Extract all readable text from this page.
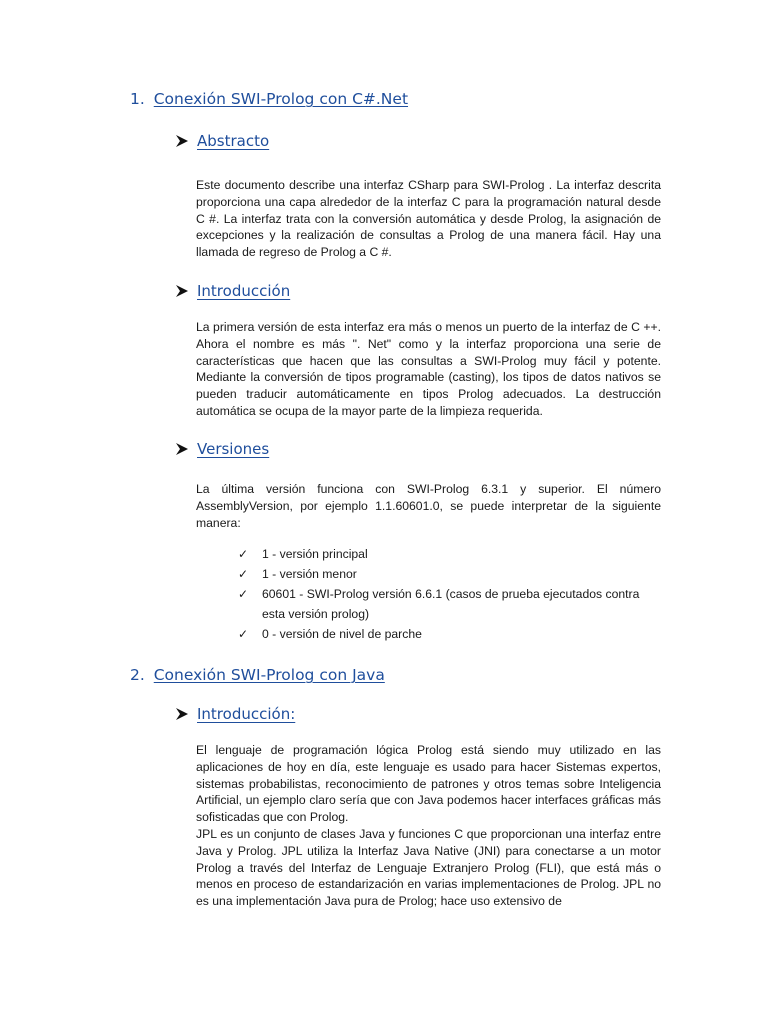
1. Conexión SWI-Prolog con C#.Net
Abstracto

Este documento describe una interfaz CSharp para SWI-Prolog . La interfaz descrita proporciona una capa alrededor de la interfaz C para la programación natural desde C #. La interfaz trata con la conversión automática y desde Prolog, la asignación de excepciones y la realización de consultas a Prolog de una manera fácil. Hay una llamada de regreso de Prolog a C #.

Introducción

La primera versión de esta interfaz era más o menos un puerto de la interfaz de C ++. Ahora el nombre es más ". Net" como y la interfaz proporciona una serie de características que hacen que las consultas a SWI-Prolog muy fácil y potente. Mediante la conversión de tipos programable (casting), los tipos de datos nativos se pueden traducir automáticamente en tipos Prolog adecuados. La destrucción automática se ocupa de la mayor parte de la limpieza requerida.

Versiones

La última versión funciona con SWI-Prolog 6.3.1 y superior. El número AssemblyVersion, por ejemplo 1.1.60601.0, se puede interpretar de la siguiente manera:

✓ 1 - versión principal
✓ 1 - versión menor
✓ 60601 - SWI-Prolog versión 6.6.1 (casos de prueba ejecutados contra esta versión prolog)
✓ 0 - versión de nivel de parche
2. Conexión SWI-Prolog con Java
Introducción:

El lenguaje de programación lógica Prolog está siendo muy utilizado en las aplicaciones de hoy en día, este lenguaje es usado para hacer Sistemas expertos, sistemas probabilistas, reconocimiento de patrones y otros temas sobre Inteligencia Artificial, un ejemplo claro sería que con Java podemos hacer interfaces gráficas más sofisticadas que con Prolog.

JPL es un conjunto de clases Java y funciones C que proporcionan una interfaz entre Java y Prolog. JPL utiliza la Interfaz Java Native (JNI) para conectarse a un motor Prolog a través del Interfaz de Lenguaje Extranjero Prolog (FLI), que está más o menos en proceso de estandarización en varias implementaciones de Prolog. JPL no es una implementación Java pura de Prolog; hace uso extensivo de
